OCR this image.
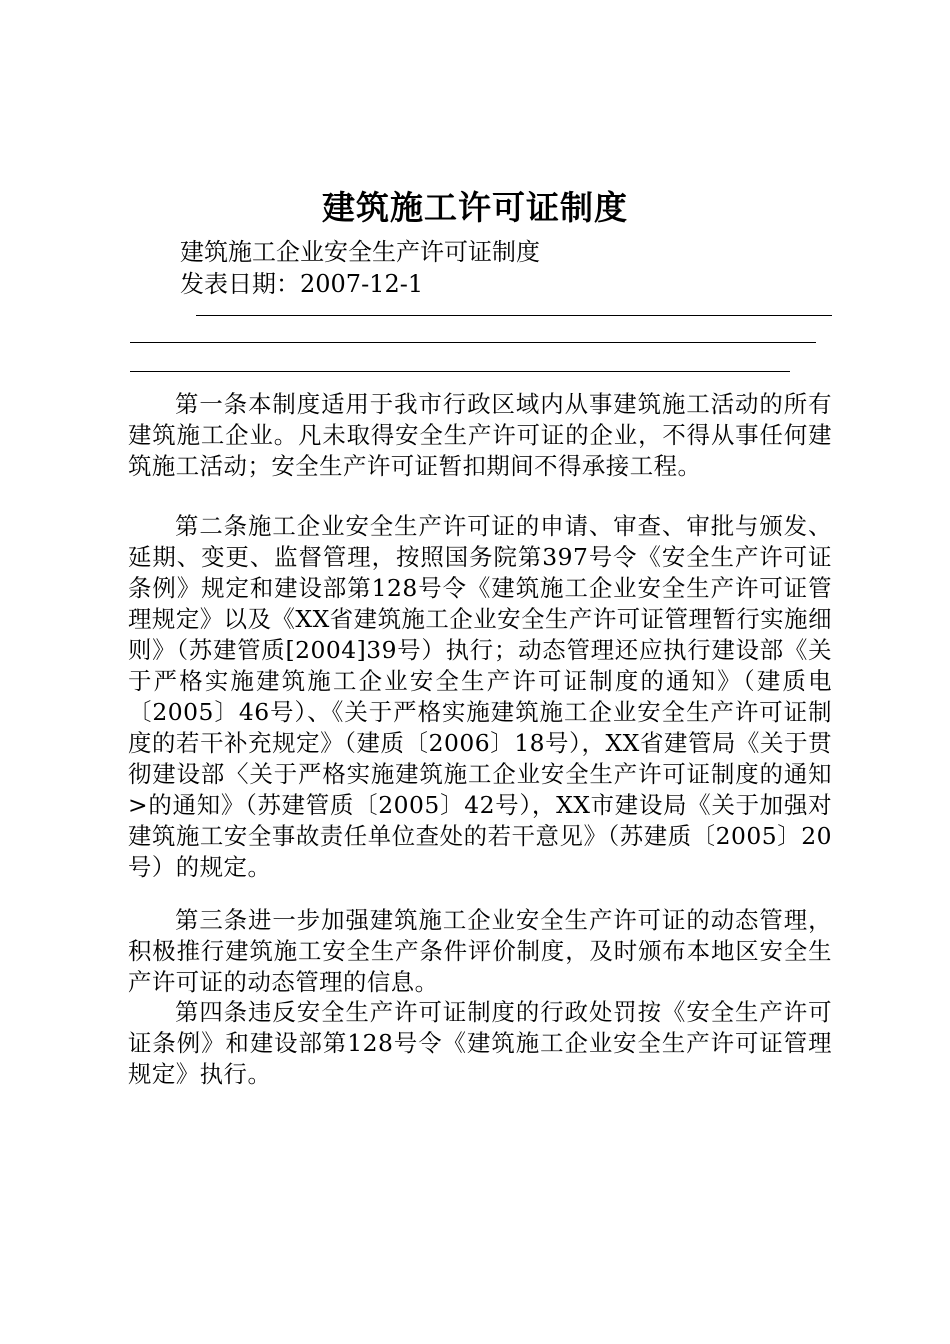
建筑施工许可证制度
建筑施工企业安全生产许可证制度
发表日期：2007-12-1
第一条本制度适用于我市行政区域内从事建筑施工活动的所有建筑施工企业。凡未取得安全生产许可证的企业，不得从事任何建筑施工活动；安全生产许可证暂扣期间不得承接工程。
第二条施工企业安全生产许可证的申请、审查、审批与颁发、延期、变更、监督管理，按照国务院第397号令《安全生产许可证条例》规定和建设部第128号令《建筑施工企业安全生产许可证管理规定》以及《XX省建筑施工企业安全生产许可证管理暂行实施细则》（苏建管质[2004]39号）执行；动态管理还应执行建设部《关于严格实施建筑施工企业安全生产许可证制度的通知》（建质电〔2005〕46号）、《关于严格实施建筑施工企业安全生产许可证制度的若干补充规定》（建质〔2006〕18号），XX省建管局《关于贯彻建设部〈关于严格实施建筑施工企业安全生产许可证制度的通知>的通知》（苏建管质〔2005〕42号），XX市建设局《关于加强对建筑施工安全事故责任单位查处的若干意见》（苏建质〔2005〕20号）的规定。
第三条进一步加强建筑施工企业安全生产许可证的动态管理，积极推行建筑施工安全生产条件评价制度，及时颁布本地区安全生产许可证的动态管理的信息。
第四条违反安全生产许可证制度的行政处罚按《安全生产许可证条例》和建设部第128号令《建筑施工企业安全生产许可证管理规定》执行。
